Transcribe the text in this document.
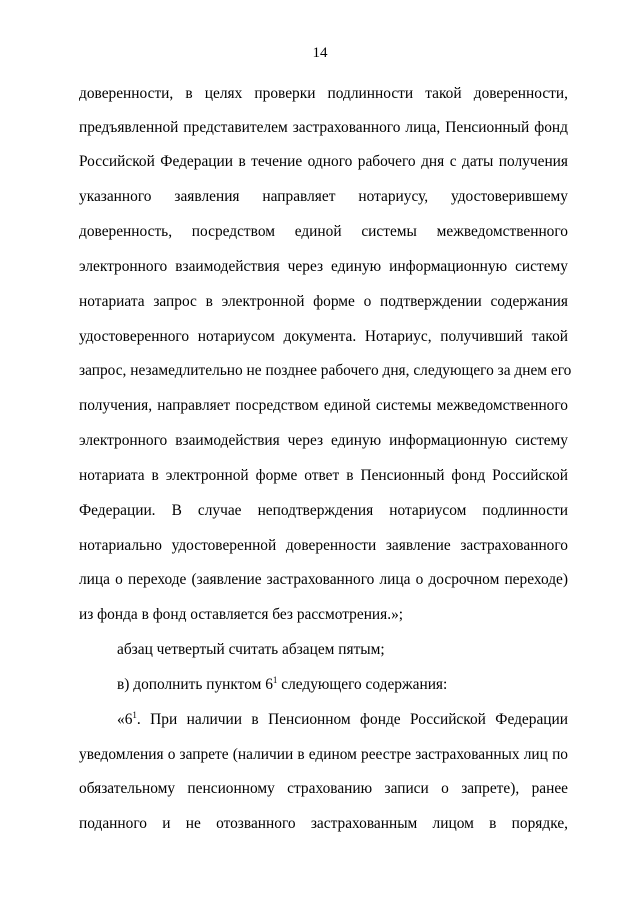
14
доверенности, в целях проверки подлинности такой доверенности,
предъявленной представителем застрахованного лица, Пенсионный фонд
Российской Федерации в течение одного рабочего дня с даты получения
указанного заявления направляет нотариусу, удостоверившему
доверенность, посредством единой системы межведомственного
электронного взаимодействия через единую информационную систему
нотариата запрос в электронной форме о подтверждении содержания
удостоверенного нотариусом документа. Нотариус, получивший такой
запрос, незамедлительно не позднее рабочего дня, следующего за днем его
получения, направляет посредством единой системы межведомственного
электронного взаимодействия через единую информационную систему
нотариата в электронной форме ответ в Пенсионный фонд Российской
Федерации. В случае неподтверждения нотариусом подлинности
нотариально удостоверенной доверенности заявление застрахованного
лица о переходе (заявление застрахованного лица о досрочном переходе)
из фонда в фонд оставляется без рассмотрения.»;
абзац четвертый считать абзацем пятым;
в) дополнить пунктом $6^1$ следующего содержания:
«$6^1$. При наличии в Пенсионном фонде Российской Федерации
уведомления о запрете (наличии в едином реестре застрахованных лиц по
обязательному пенсионному страхованию записи о запрете), ранее
поданного и не отозванного застрахованным лицом в порядке,
